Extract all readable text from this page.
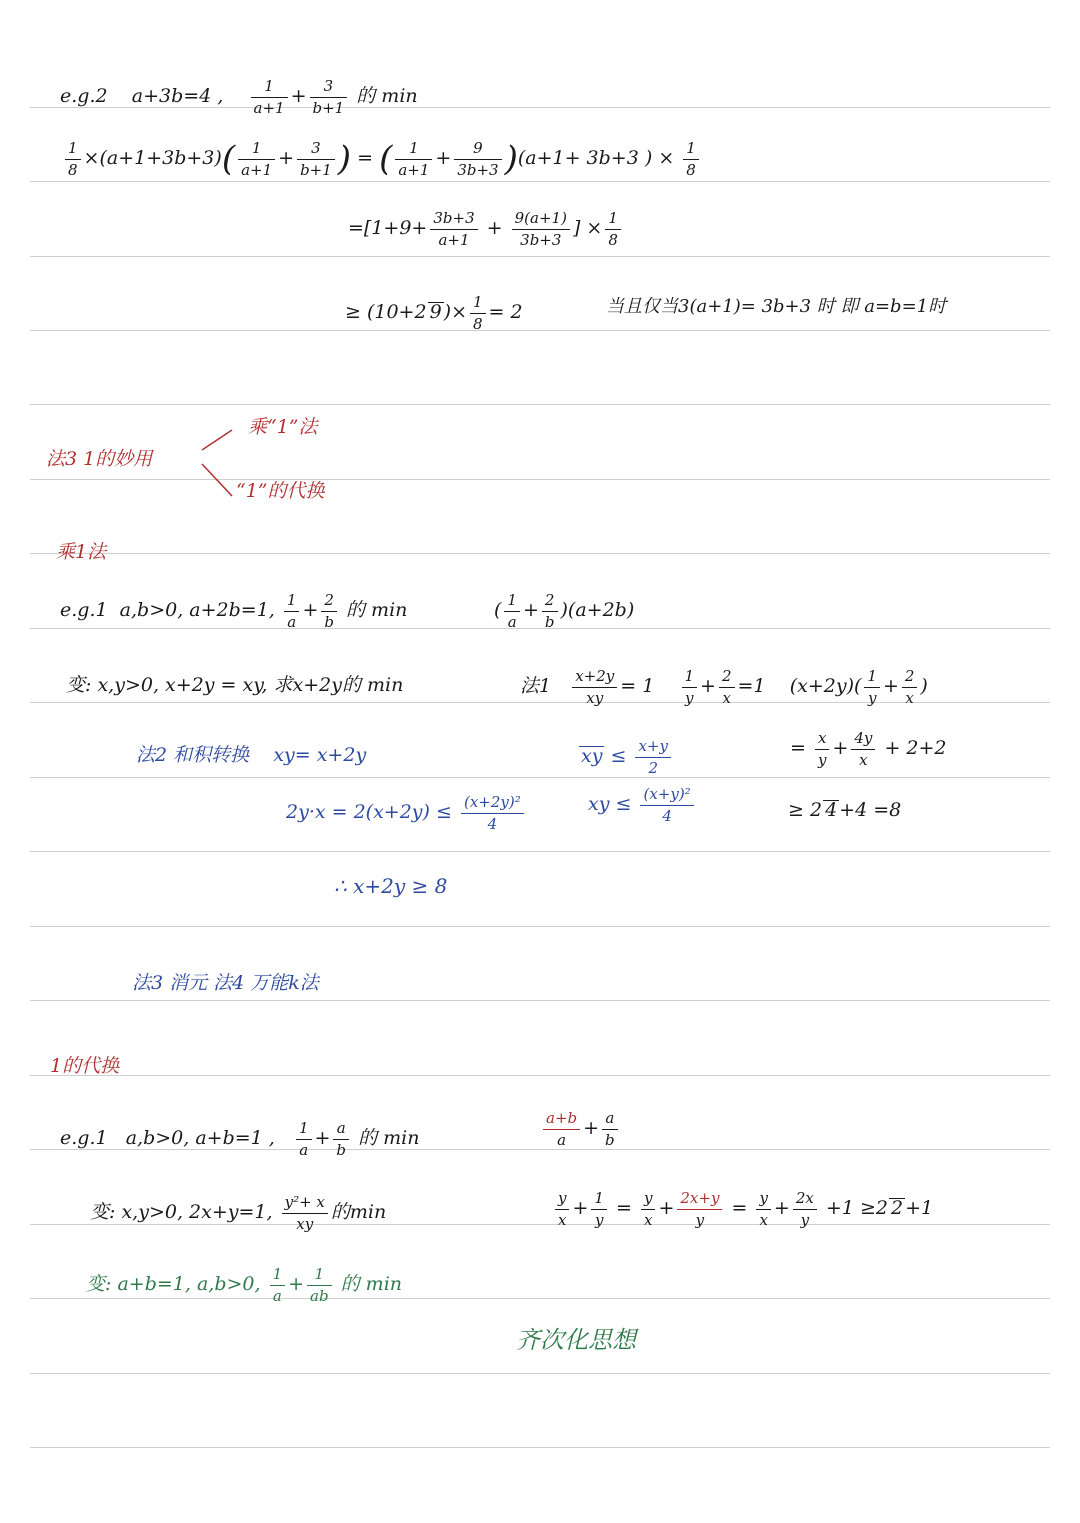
e.g.2 a+3b=4 , $\frac{1}{a+1} + \frac{3}{b+1}$ 的 min
$\frac{1}{8} \times(a+1+3b+3)( \frac{1}{a+1} + \frac{3}{b+1}$ ) = ( $\frac{1}{a+1} + \frac{9}{3b+3} )(a+1+ 3b+3$ ) × $\frac{1}{8}$
$=[1+9+ \frac{3b+3}{a+1} + \frac{9(a+1)}{3b+3}$ ] × $\frac{1}{8}$
≥ (10+2 9 )× $\frac{1}{8} = 2$	当且仅当3(a+1)= 3b+3 时 即 a=b=1时
法3 1的妙用
乘“1”法
“1”的代换
乘1法
e.g.1 a,b>0, a+2b=1, $\frac{1}{a} + \frac{2}{b}$ 的 min	( $\frac{1}{a} + \frac{2}{b} )(a+2b)$
变: x,y>0, x+2y = xy, 求x+2y的 min	法$1 \frac{x+2y}{xy} = 1 \frac{1}{y} + \frac{2}{x} =1$ $(x+2y)( \frac{1}{y} + \frac{2}{x}$ )
法2 和积转换 xy= x+2y	xy ≤ $\frac{x+y}{2}$	= $\frac{x}{y} + \frac{4y}{x} + 2+2$
$2y\cdot x = 2(x+2y) \le \frac{\text{(x+2y)²}}{4}$	xy ≤ $\frac{\text{(x+y)²}}{4}$	≥ 2 4 +4 =8
∴ x+2y ≥ 8
法3 消元 法4 万能k法
1的代换
e.g.1 a,b>0, a+b=1 , $\frac{1}{a} + \frac{a}{b}$ 的 min	$\frac{a+b}{a} + \frac{a}{b}$
变: x,y>0, 2x+y=1, $\frac{\text{y²+ x}}{xy}$ 的min	$\frac{y}{x} + \frac{1}{y} = \frac{y}{x} + \frac{2x+y}{y} = \frac{y}{x} + \frac{2x}{y} +1 \ge 2$ 2 +1
变: a+b=1, a,b>0, $\frac{1}{a} + \frac{1}{ab}$ 的 min
齐次化思想
